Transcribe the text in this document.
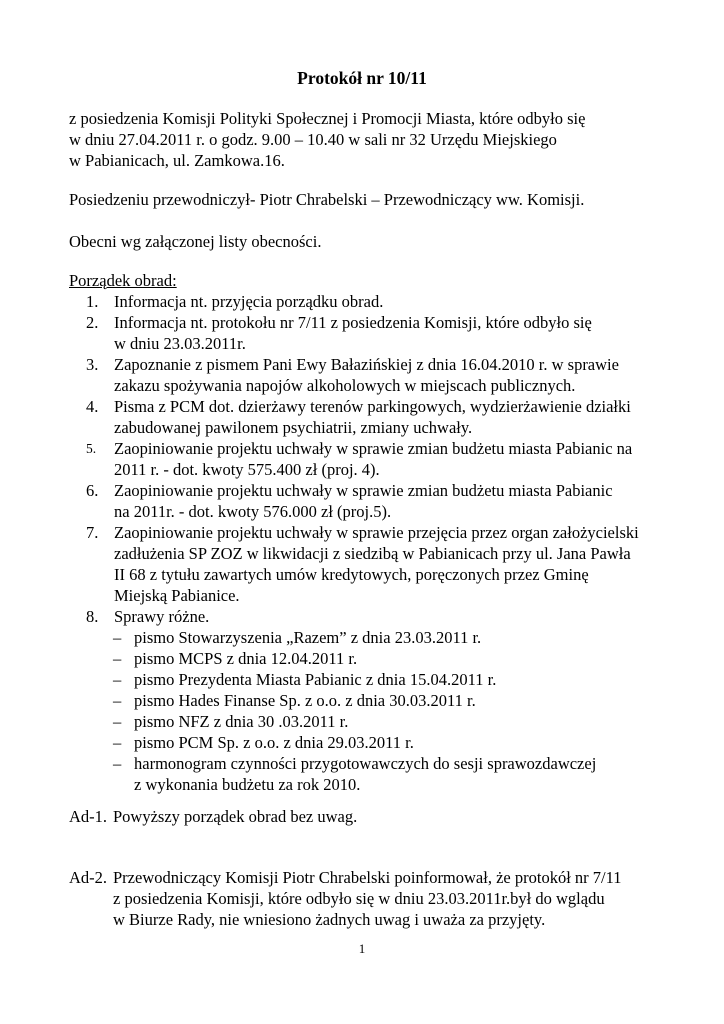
Protokół nr 10/11
z posiedzenia Komisji Polityki Społecznej i Promocji Miasta, które odbyło się
w dniu 27.04.2011 r. o godz. 9.00 – 10.40 w sali nr 32 Urzędu Miejskiego
w Pabianicach, ul. Zamkowa.16.
Posiedzeniu przewodniczył- Piotr Chrabelski – Przewodniczący ww. Komisji.
Obecni wg załączonej listy obecności.
Porządek obrad:
1. Informacja nt. przyjęcia porządku obrad.
2. Informacja nt. protokołu nr 7/11 z posiedzenia Komisji, które odbyło się
w dniu 23.03.2011r.
3. Zapoznanie z pismem Pani Ewy Bałazińskiej z dnia 16.04.2010 r. w sprawie
zakazu spożywania napojów alkoholowych w miejscach publicznych.
4. Pisma z PCM dot. dzierżawy terenów parkingowych, wydzierżawienie działki
zabudowanej pawilonem psychiatrii, zmiany uchwały.
5. Zaopiniowanie projektu uchwały w sprawie zmian budżetu miasta Pabianic na
2011 r. - dot. kwoty 575.400 zł (proj. 4).
6. Zaopiniowanie projektu uchwały w sprawie zmian budżetu miasta Pabianic
na 2011r. - dot. kwoty 576.000 zł (proj.5).
7. Zaopiniowanie projektu uchwały w sprawie przejęcia przez organ założycielski
zadłużenia SP ZOZ w likwidacji z siedzibą w Pabianicach przy ul. Jana Pawła
II 68 z tytułu zawartych umów kredytowych, poręczonych przez Gminę
Miejską Pabianice.
8. Sprawy różne.
– pismo Stowarzyszenia „Razem” z dnia 23.03.2011 r.
– pismo MCPS z dnia 12.04.2011 r.
– pismo Prezydenta Miasta Pabianic z dnia 15.04.2011 r.
– pismo Hades Finanse Sp. z o.o. z dnia 30.03.2011 r.
– pismo NFZ z dnia 30 .03.2011 r.
– pismo PCM Sp. z o.o. z dnia 29.03.2011 r.
– harmonogram czynności przygotowawczych do sesji sprawozdawczej
z wykonania budżetu za rok 2010.
Ad-1. Powyższy porządek obrad bez uwag.
Ad-2. Przewodniczący Komisji Piotr Chrabelski poinformował, że protokół nr 7/11
z posiedzenia Komisji, które odbyło się w dniu 23.03.2011r.był do wglądu
w Biurze Rady, nie wniesiono żadnych uwag i uważa za przyjęty.
1
